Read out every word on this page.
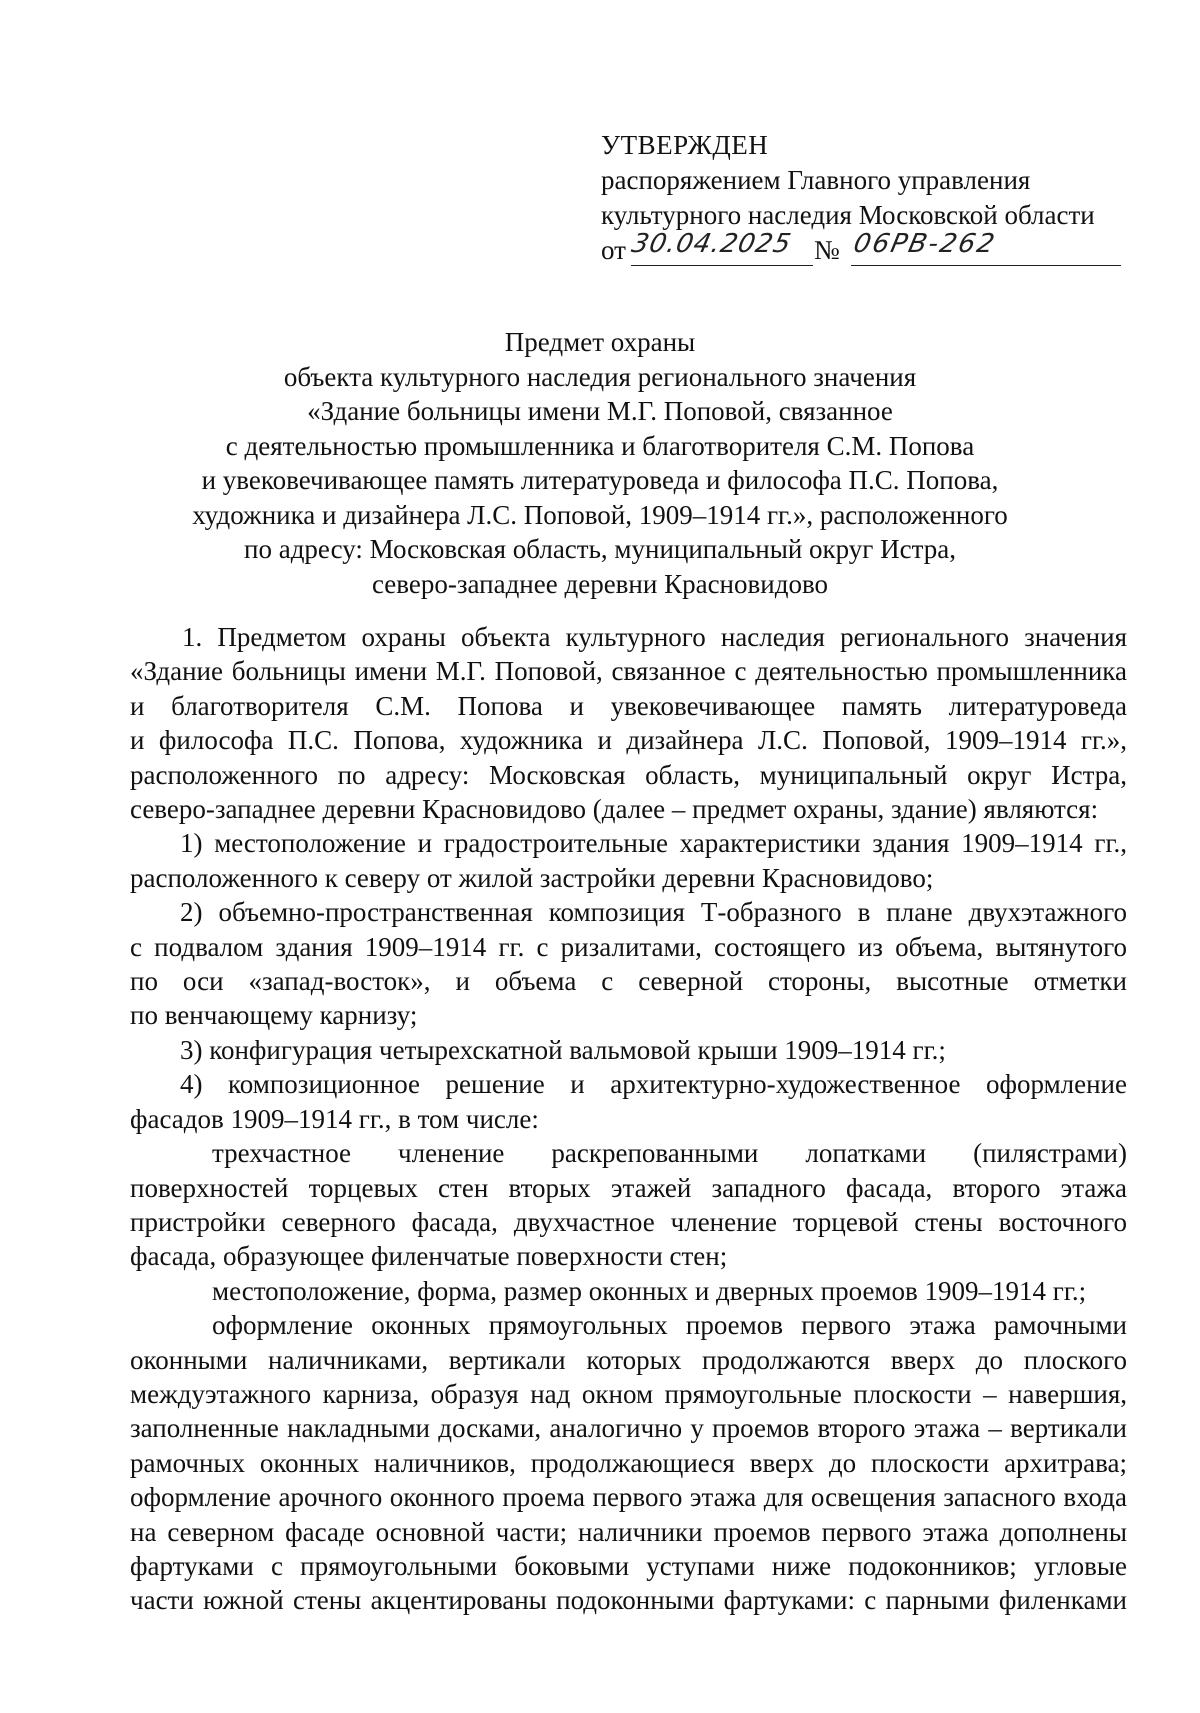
УТВЕРЖДЕН
распоряжением Главного управления
культурного наследия Московской области
от 30.04.2025 № 06РВ-262
Предмет охраны
объекта культурного наследия регионального значения
«Здание больницы имени М.Г. Поповой, связанное
с деятельностью промышленника и благотворителя С.М. Попова
и увековечивающее память литературоведа и философа П.С. Попова,
художника и дизайнера Л.С. Поповой, 1909–1914 гг.», расположенного
по адресу: Московская область, муниципальный округ Истра,
северо-западнее деревни Красновидово
1. Предметом охраны объекта культурного наследия регионального значения
«Здание больницы имени М.Г. Поповой, связанное с деятельностью промышленника
и благотворителя С.М. Попова и увековечивающее память литературоведа
и философа П.С. Попова, художника и дизайнера Л.С. Поповой, 1909–1914 гг.»,
расположенного по адресу: Московская область, муниципальный округ Истра,
северо-западнее деревни Красновидово (далее – предмет охраны, здание) являются:
1) местоположение и градостроительные характеристики здания 1909–1914 гг.,
расположенного к северу от жилой застройки деревни Красновидово;
2) объемно-пространственная композиция Т-образного в плане двухэтажного
с подвалом здания 1909–1914 гг. с ризалитами, состоящего из объема, вытянутого
по оси «запад-восток», и объема с северной стороны, высотные отметки
по венчающему карнизу;
3) конфигурация четырехскатной вальмовой крыши 1909–1914 гг.;
4) композиционное решение и архитектурно-художественное оформление
фасадов 1909–1914 гг., в том числе:
трехчастное членение раскрепованными лопатками (пилястрами)
поверхностей торцевых стен вторых этажей западного фасада, второго этажа
пристройки северного фасада, двухчастное членение торцевой стены восточного
фасада, образующее филенчатые поверхности стен;
местоположение, форма, размер оконных и дверных проемов 1909–1914 гг.;
оформление оконных прямоугольных проемов первого этажа рамочными
оконными наличниками, вертикали которых продолжаются вверх до плоского
междуэтажного карниза, образуя над окном прямоугольные плоскости – навершия,
заполненные накладными досками, аналогично у проемов второго этажа – вертикали
рамочных оконных наличников, продолжающиеся вверх до плоскости архитрава;
оформление арочного оконного проема первого этажа для освещения запасного входа
на северном фасаде основной части; наличники проемов первого этажа дополнены
фартуками с прямоугольными боковыми уступами ниже подоконников; угловые
части южной стены акцентированы подоконными фартуками: с парными филенками
